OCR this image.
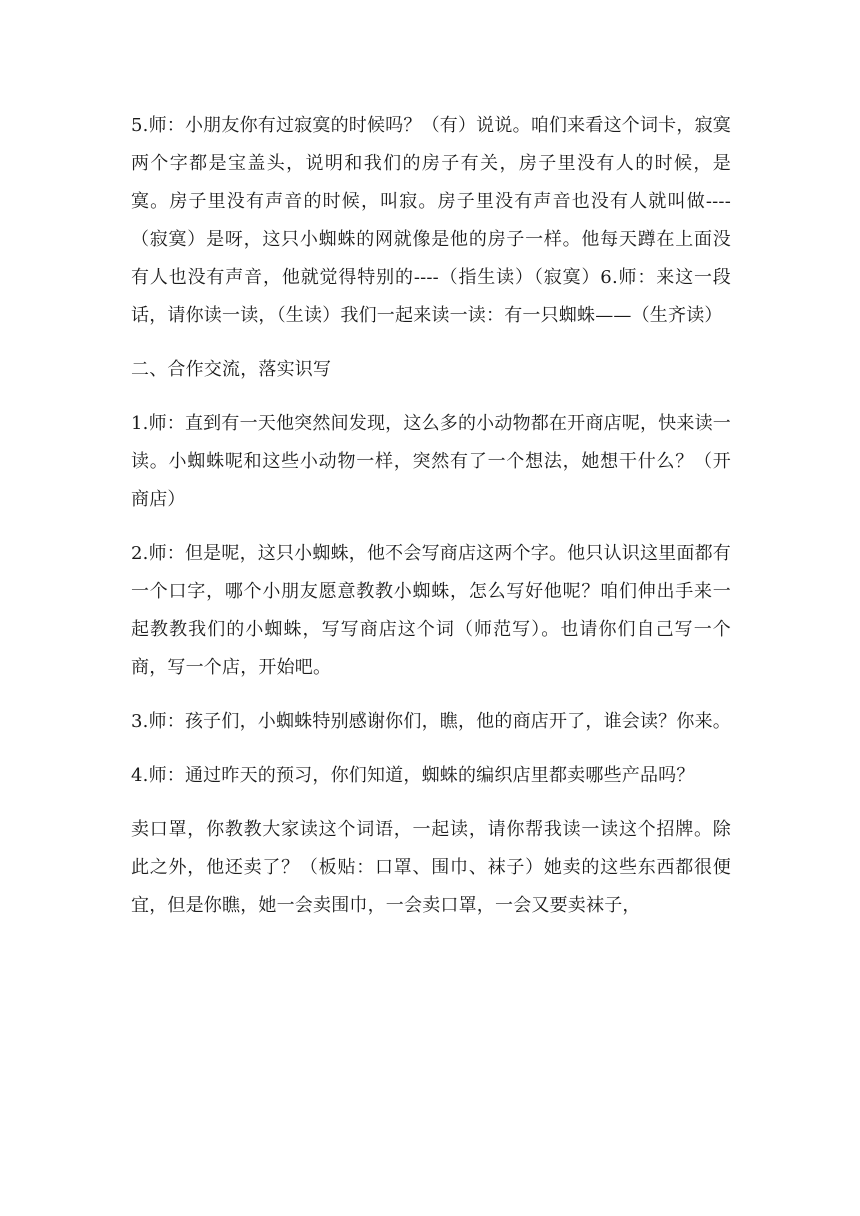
5.师：小朋友你有过寂寞的时候吗？（有）说说。咱们来看这个词卡，寂寞两个字都是宝盖头，说明和我们的房子有关，房子里没有人的时候，是寞。房子里没有声音的时候，叫寂。房子里没有声音也没有人就叫做----（寂寞）是呀，这只小蜘蛛的网就像是他的房子一样。他每天蹲在上面没有人也没有声音，他就觉得特别的----（指生读）（寂寞）6.师：来这一段话，请你读一读，（生读）我们一起来读一读：有一只蜘蛛——（生齐读）

二、合作交流，落实识写

1.师：直到有一天他突然间发现，这么多的小动物都在开商店呢，快来读一读。小蜘蛛呢和这些小动物一样，突然有了一个想法，她想干什么？（开商店）

2.师：但是呢，这只小蜘蛛，他不会写商店这两个字。他只认识这里面都有一个口字，哪个小朋友愿意教教小蜘蛛，怎么写好他呢？咱们伸出手来一起教教我们的小蜘蛛，写写商店这个词（师范写）。也请你们自己写一个商，写一个店，开始吧。

3.师：孩子们，小蜘蛛特别感谢你们，瞧，他的商店开了，谁会读？你来。

4.师：通过昨天的预习，你们知道，蜘蛛的编织店里都卖哪些产品吗？

卖口罩，你教教大家读这个词语，一起读，请你帮我读一读这个招牌。除此之外，他还卖了？（板贴：口罩、围巾、袜子）她卖的这些东西都很便宜，但是你瞧，她一会卖围巾，一会卖口罩，一会又要卖袜子，
